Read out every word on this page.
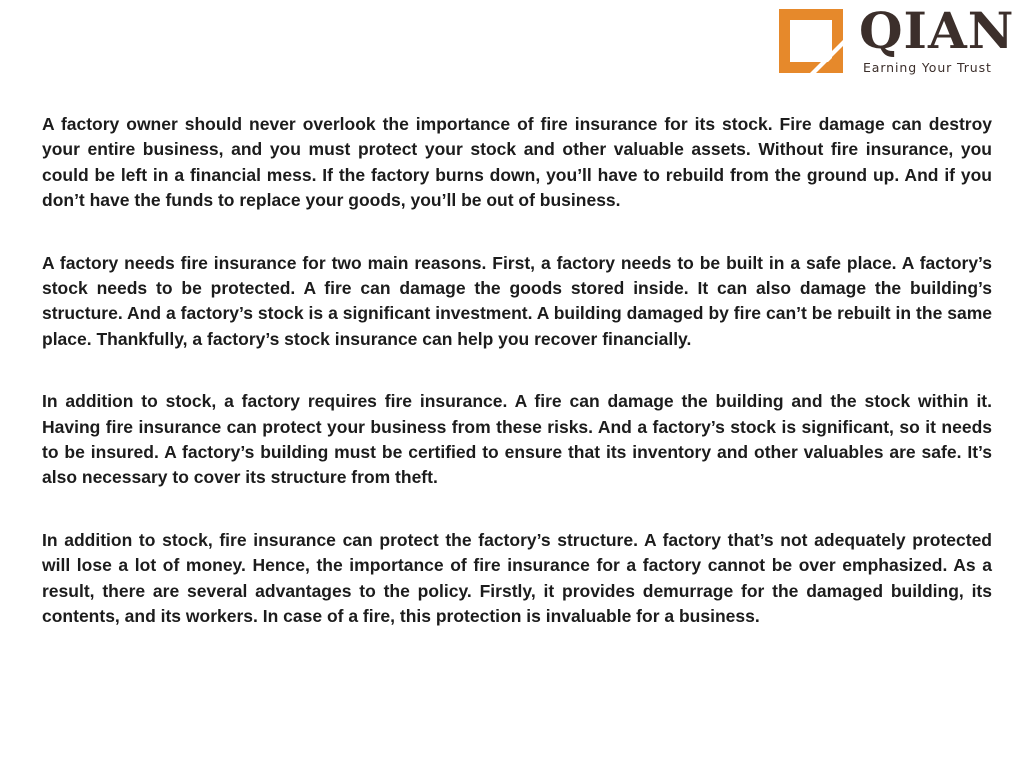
QIAN
Earning Your Trust

A factory owner should never overlook the importance of fire insurance for its stock. Fire damage can destroy your entire business, and you must protect your stock and other valuable assets. Without fire insurance, you could be left in a financial mess. If the factory burns down, you’ll have to rebuild from the ground up. And if you don’t have the funds to replace your goods, you’ll be out of business.

A factory needs fire insurance for two main reasons. First, a factory needs to be built in a safe place. A factory’s stock needs to be protected. A fire can damage the goods stored inside. It can also damage the building’s structure. And a factory’s stock is a significant investment. A building damaged by fire can’t be rebuilt in the same place. Thankfully, a factory’s stock insurance can help you recover financially.

In addition to stock, a factory requires fire insurance. A fire can damage the building and the stock within it. Having fire insurance can protect your business from these risks. And a factory’s stock is significant, so it needs to be insured. A factory’s building must be certified to ensure that its inventory and other valuables are safe. It’s also necessary to cover its structure from theft.

In addition to stock, fire insurance can protect the factory’s structure. A factory that’s not adequately protected will lose a lot of money. Hence, the importance of fire insurance for a factory cannot be over emphasized. As a result, there are several advantages to the policy. Firstly, it provides demurrage for the damaged building, its contents, and its workers. In case of a fire, this protection is invaluable for a business.
